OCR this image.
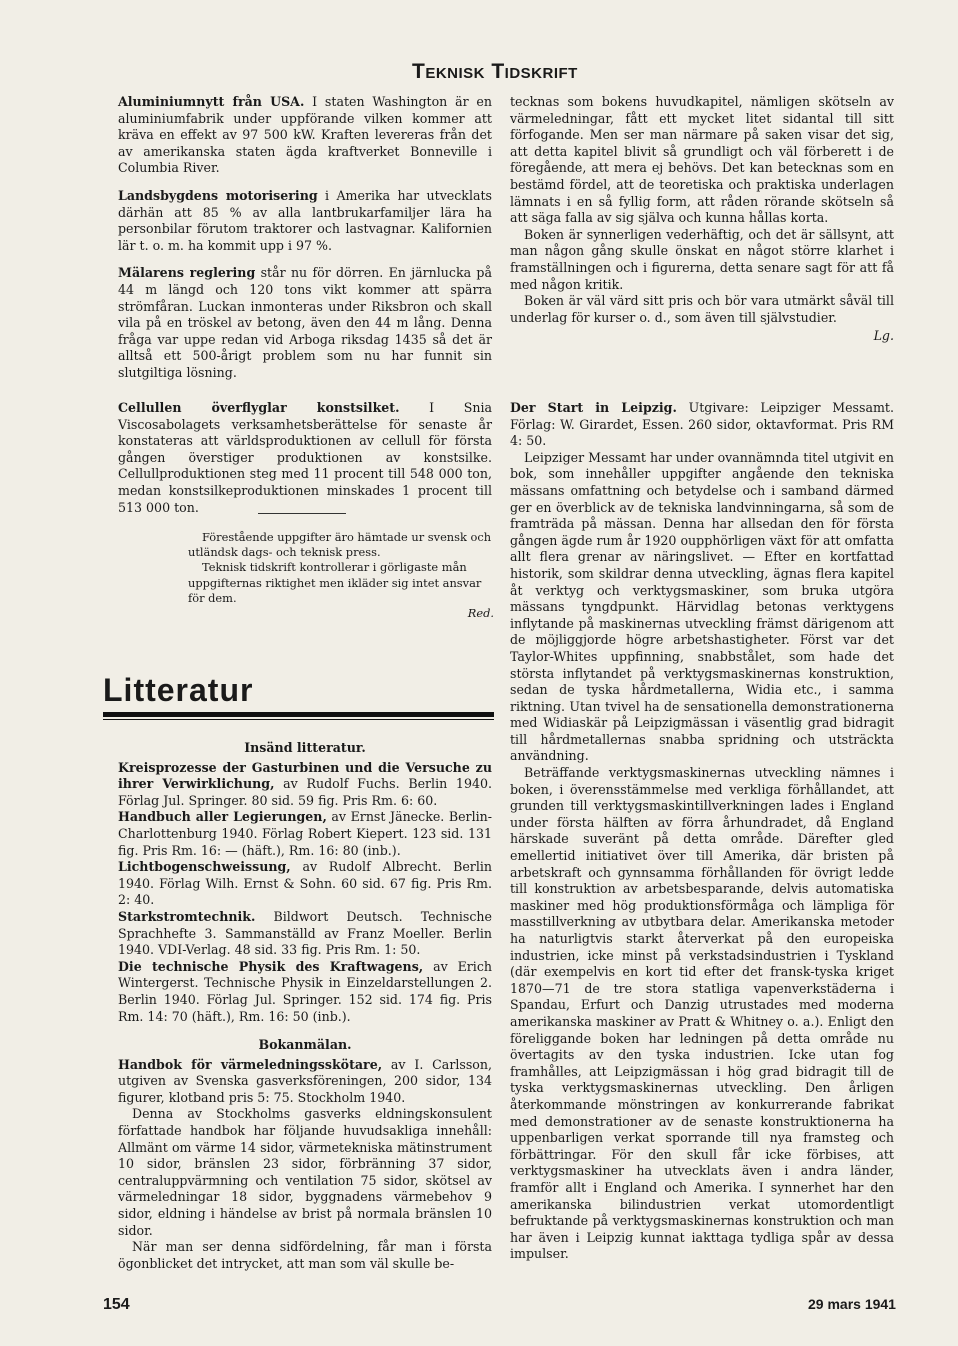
Teknisk Tidskrift

Aluminiumnytt från USA. I staten Washington är en aluminiumfabrik under uppförande vilken kommer att kräva en effekt av 97 500 kW. Kraften levereras från det av amerikanska staten ägda kraftverket Bonneville i Columbia River.

Landsbygdens motorisering i Amerika har utvecklats därhän att 85 % av alla lantbrukarfamiljer lära ha personbilar förutom traktorer och lastvagnar. Kalifornien lär t. o. m. ha kommit upp i 97 %.

Mälarens reglering står nu för dörren. En järnlucka på 44 m längd och 120 tons vikt kommer att spärra strömfåran. Luckan inmonteras under Riksbron och skall vila på en tröskel av betong, även den 44 m lång. Denna fråga var uppe redan vid Arboga riksdag 1435 så det är alltså ett 500-årigt problem som nu har funnit sin slutgiltiga lösning.

Cellullen överflyglar konstsilket. I Snia Viscosabolagets verksamhetsberättelse för senaste år konstateras att världsproduktionen av cellull för första gången överstiger produktionen av konstsilke. Cellullproduktionen steg med 11 procent till 548 000 ton, medan konstsilkeproduktionen minskades 1 procent till 513 000 ton.

Förestående uppgifter äro hämtade ur svensk och utländsk dags- och teknisk press.
Teknisk tidskrift kontrollerar i görligaste mån uppgifternas riktighet men ikläder sig intet ansvar för dem.
Red.
Litteratur
Insänd litteratur.

Kreisprozesse der Gasturbinen und die Versuche zu ihrer Verwirklichung, av Rudolf Fuchs. Berlin 1940. Förlag Jul. Springer. 80 sid. 59 fig. Pris Rm. 6: 60.

Handbuch aller Legierungen, av Ernst Jänecke. Berlin-Charlottenburg 1940. Förlag Robert Kiepert. 123 sid. 131 fig. Pris Rm. 16: — (häft.), Rm. 16: 80 (inb.).

Lichtbogenschweissung, av Rudolf Albrecht. Berlin 1940. Förlag Wilh. Ernst & Sohn. 60 sid. 67 fig. Pris Rm. 2: 40.

Starkstromtechnik. Bildwort Deutsch. Technische Sprachhefte 3. Sammanställd av Franz Moeller. Berlin 1940. VDI-Verlag. 48 sid. 33 fig. Pris Rm. 1: 50.

Die technische Physik des Kraftwagens, av Erich Wintergerst. Technische Physik in Einzeldarstellungen 2. Berlin 1940. Förlag Jul. Springer. 152 sid. 174 fig. Pris Rm. 14: 70 (häft.), Rm. 16: 50 (inb.).

Bokanmälan.

Handbok för värmeledningsskötare, av I. Carlsson, utgiven av Svenska gasverksföreningen, 200 sidor, 134 figurer, klotband pris 5: 75. Stockholm 1940.

Denna av Stockholms gasverks eldningskonsulent författade handbok har följande huvudsakliga innehåll: Allmänt om värme 14 sidor, värmetekniska mätinstrument 10 sidor, bränslen 23 sidor, förbränning 37 sidor, centraluppvärmning och ventilation 75 sidor, skötsel av värmeledningar 18 sidor, byggnadens värmebehov 9 sidor, eldning i händelse av brist på normala bränslen 10 sidor.

När man ser denna sidfördelning, får man i första ögonblicket det intrycket, att man som väl skulle be-

tecknas som bokens huvudkapitel, nämligen skötseln av värmeledningar, fått ett mycket litet sidantal till sitt förfogande. Men ser man närmare på saken visar det sig, att detta kapitel blivit så grundligt och väl förberett i de föregående, att mera ej behövs. Det kan betecknas som en bestämd fördel, att de teoretiska och praktiska underlagen lämnats i en så fyllig form, att råden rörande skötseln så att säga falla av sig själva och kunna hållas korta.

Boken är synnerligen vederhäftig, och det är sällsynt, att man någon gång skulle önskat en något större klarhet i framställningen och i figurerna, detta senare sagt för att få med någon kritik.

Boken är väl värd sitt pris och bör vara utmärkt såväl till underlag för kurser o. d., som även till självstudier.

Lg.

Der Start in Leipzig. Utgivare: Leipziger Messamt. Förlag: W. Girardet, Essen. 260 sidor, oktavformat. Pris RM 4: 50.

Leipziger Messamt har under ovannämnda titel utgivit en bok, som innehåller uppgifter angående den tekniska mässans omfattning och betydelse och i samband därmed ger en överblick av de tekniska landvinningarna, så som de framträda på mässan. Denna har allsedan den för första gången ägde rum år 1920 oupphörligen växt för att omfatta allt flera grenar av näringslivet. — Efter en kortfattad historik, som skildrar denna utveckling, ägnas flera kapitel åt verktyg och verktygsmaskiner, som bruka utgöra mässans tyngdpunkt. Härvidlag betonas verktygens inflytande på maskinernas utveckling främst därigenom att de möjliggjorde högre arbetshastigheter. Först var det Taylor-Whites uppfinning, snabbstålet, som hade det största inflytandet på verktygsmaskinernas konstruktion, sedan de tyska hårdmetallerna, Widia etc., i samma riktning. Utan tvivel ha de sensationella demonstrationerna med Widiaskär på Leipzigmässan i väsentlig grad bidragit till hårdmetallernas snabba spridning och utsträckta användning.

Beträffande verktygsmaskinernas utveckling nämnes i boken, i överensstämmelse med verkliga förhållandet, att grunden till verktygsmaskintillverkningen lades i England under första hälften av förra århundradet, då England härskade suveränt på detta område. Därefter gled emellertid initiativet över till Amerika, där bristen på arbetskraft och gynnsamma förhållanden för övrigt ledde till konstruktion av arbetsbesparande, delvis automatiska maskiner med hög produktionsförmåga och lämpliga för masstillverkning av utbytbara delar. Amerikanska metoder ha naturligtvis starkt återverkat på den europeiska industrien, icke minst på verkstadsindustrien i Tyskland (där exempelvis en kort tid efter det fransk-tyska kriget 1870—71 de tre stora statliga vapenverkstäderna i Spandau, Erfurt och Danzig utrustades med moderna amerikanska maskiner av Pratt & Whitney o. a.). Enligt den föreliggande boken har ledningen på detta område nu övertagits av den tyska industrien. Icke utan fog framhålles, att Leipzigmässan i hög grad bidragit till de tyska verktygsmaskinernas utveckling. Den årligen återkommande mönstringen av konkurrerande fabrikat med demonstrationer av de senaste konstruktionerna ha uppenbarligen verkat sporrande till nya framsteg och förbättringar. För den skull får icke förbises, att verktygsmaskiner ha utvecklats även i andra länder, framför allt i England och Amerika. I synnerhet har den amerikanska bilindustrien verkat utomordentligt befruktande på verktygsmaskinernas konstruktion och man har även i Leipzig kunnat iakttaga tydliga spår av dessa impulser.

154	29 mars 1941
